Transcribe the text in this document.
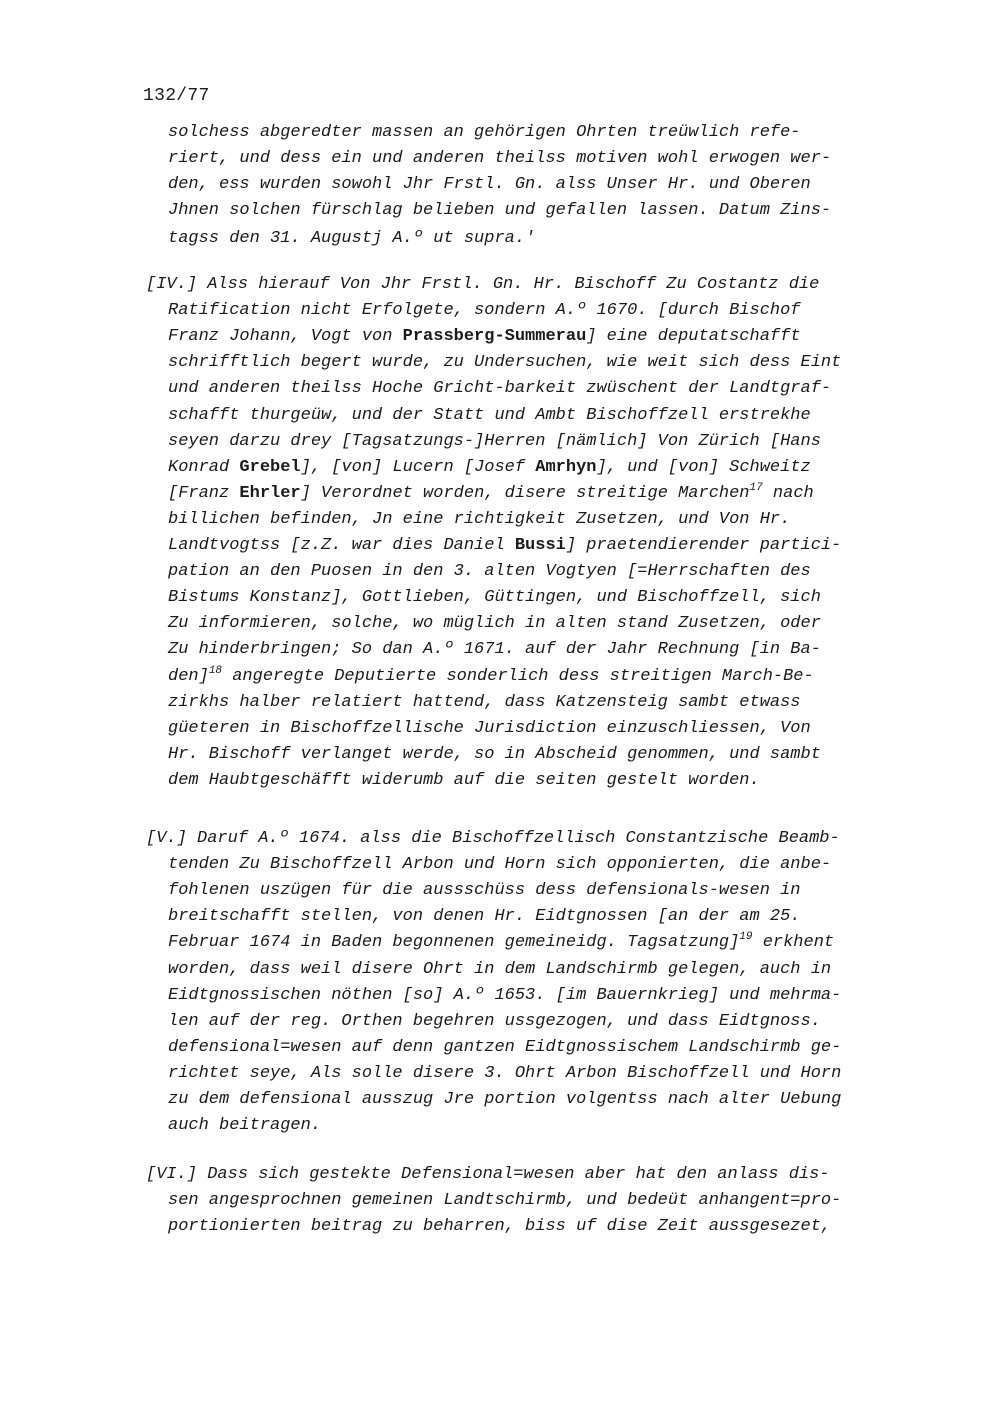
132/77
solchess abgeredter massen an gehörigen Ohrten treüwlich refe-
riert, und dess ein und anderen theilss motiven wohl erwogen wer-
den, ess wurden sowohl Jhr Frstl. Gn. alss Unser Hr. und Oberen
Jhnen solchen fürschlag belieben und gefallen lassen. Datum Zins-
tagss den 31. Augustj A.º ut supra.'
[IV.] Alss hierauf Von Jhr Frstl. Gn. Hr. Bischoff Zu Costantz die
Ratification nicht Erfolgete, sondern A.º 1670. [durch Bischof
Franz Johann, Vogt von Prassberg-Summerau] eine deputatschafft
schrifftlich begert wurde, zu Undersuchen, wie weit sich dess Eint
und anderen theilss Hoche Gricht-barkeit zwüschent der Landtgraf-
schafft thurgeüw, und der Statt und Ambt Bischoffzell erstrekhe
seyen darzu drey [Tagsatzungs-]Herren [nämlich] Von Zürich [Hans
Konrad Grebel], [von] Lucern [Josef Amrhyn], und [von] Schweitz
[Franz Ehrler] Verordnet worden, disere streitige Marchen$^{17}$ nach
billichen befinden, Jn eine richtigkeit Zusetzen, und Von Hr.
Landtvogtss [z.Z. war dies Daniel Bussi] praetendierender partici-
pation an den Puosen in den 3. alten Vogtyen [=Herrschaften des
Bistums Konstanz], Gottlieben, Güttingen, und Bischoffzell, sich
Zu informieren, solche, wo müglich in alten stand Zusetzen, oder
Zu hinderbringen; So dan A.º 1671. auf der Jahr Rechnung [in Ba-
den]$^{18}$ angeregte Deputierte sonderlich dess streitigen March-Be-
zirkhs halber relatiert hattend, dass Katzensteig sambt etwass
güeteren in Bischoffzellische Jurisdiction einzuschliessen, Von
Hr. Bischoff verlanget werde, so in Abscheid genommen, und sambt
dem Haubtgeschäfft widerumb auf die seiten gestelt worden.
[V.] Daruf A.º 1674. alss die Bischoffzellisch Constantzische Beamb-
tenden Zu Bischoffzell Arbon und Horn sich opponierten, die anbe-
fohlenen uszügen für die aussschüss dess defensionals-wesen in
breitschafft stellen, von denen Hr. Eidtgnossen [an der am 25.
Februar 1674 in Baden begonnenen gemeineidg. Tagsatzung]$^{19}$ erkhent
worden, dass weil disere Ohrt in dem Landschirmb gelegen, auch in
Eidtgnossischen nöthen [so] A.º 1653. [im Bauernkrieg] und mehrma-
len auf der reg. Orthen begehren ussgezogen, und dass Eidtgnoss.
defensional=wesen auf denn gantzen Eidtgnossischem Landschirmb ge-
richtet seye, Als solle disere 3. Ohrt Arbon Bischoffzell und Horn
zu dem defensional ausszug Jre portion volgentss nach alter Uebung
auch beitragen.
[VI.] Dass sich gestekte Defensional=wesen aber hat den anlass dis-
sen angesprochnen gemeinen Landtschirmb, und bedeüt anhangent=pro-
portionierten beitrag zu beharren, biss uf dise Zeit aussgesezet,
